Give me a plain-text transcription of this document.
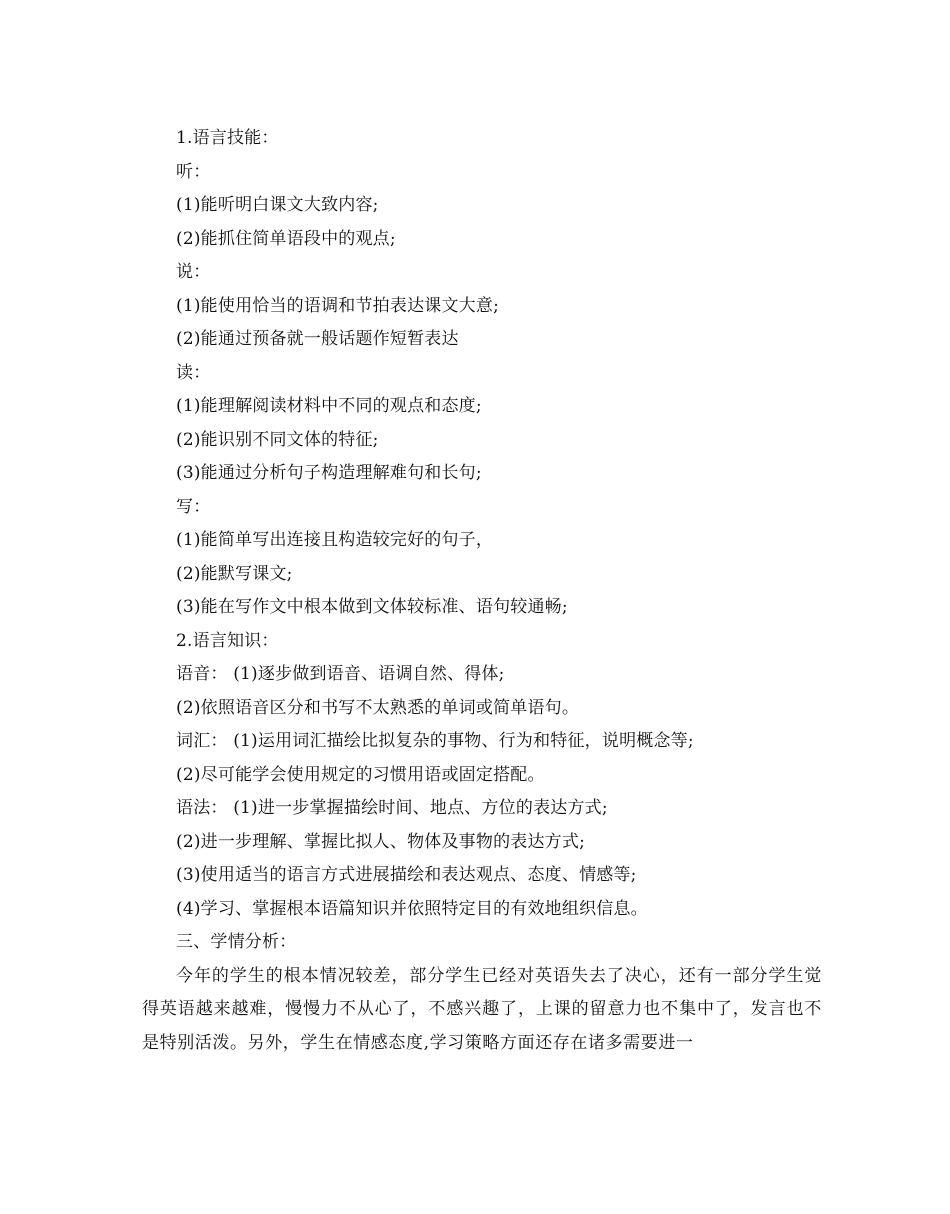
1.语言技能：
听：
(1)能听明白课文大致内容;
(2)能抓住简单语段中的观点;
说：
(1)能使用恰当的语调和节拍表达课文大意;
(2)能通过预备就一般话题作短暂表达
读：
(1)能理解阅读材料中不同的观点和态度;
(2)能识别不同文体的特征;
(3)能通过分析句子构造理解难句和长句;
写：
(1)能简单写出连接且构造较完好的句子，
(2)能默写课文;
(3)能在写作文中根本做到文体较标准、语句较通畅;
2.语言知识：
语音： (1)逐步做到语音、语调自然、得体;
(2)依照语音区分和书写不太熟悉的单词或简单语句。
词汇： (1)运用词汇描绘比拟复杂的事物、行为和特征，说明概念等;
(2)尽可能学会使用规定的习惯用语或固定搭配。
语法： (1)进一步掌握描绘时间、地点、方位的表达方式;
(2)进一步理解、掌握比拟人、物体及事物的表达方式;
(3)使用适当的语言方式进展描绘和表达观点、态度、情感等;
(4)学习、掌握根本语篇知识并依照特定目的有效地组织信息。
三、学情分析：

今年的学生的根本情况较差，部分学生已经对英语失去了决心，还有一部分学生觉得英语越来越难，慢慢力不从心了，不感兴趣了，上课的留意力也不集中了，发言也不是特别活泼。另外，学生在情感态度,学习策略方面还存在诸多需要进一
